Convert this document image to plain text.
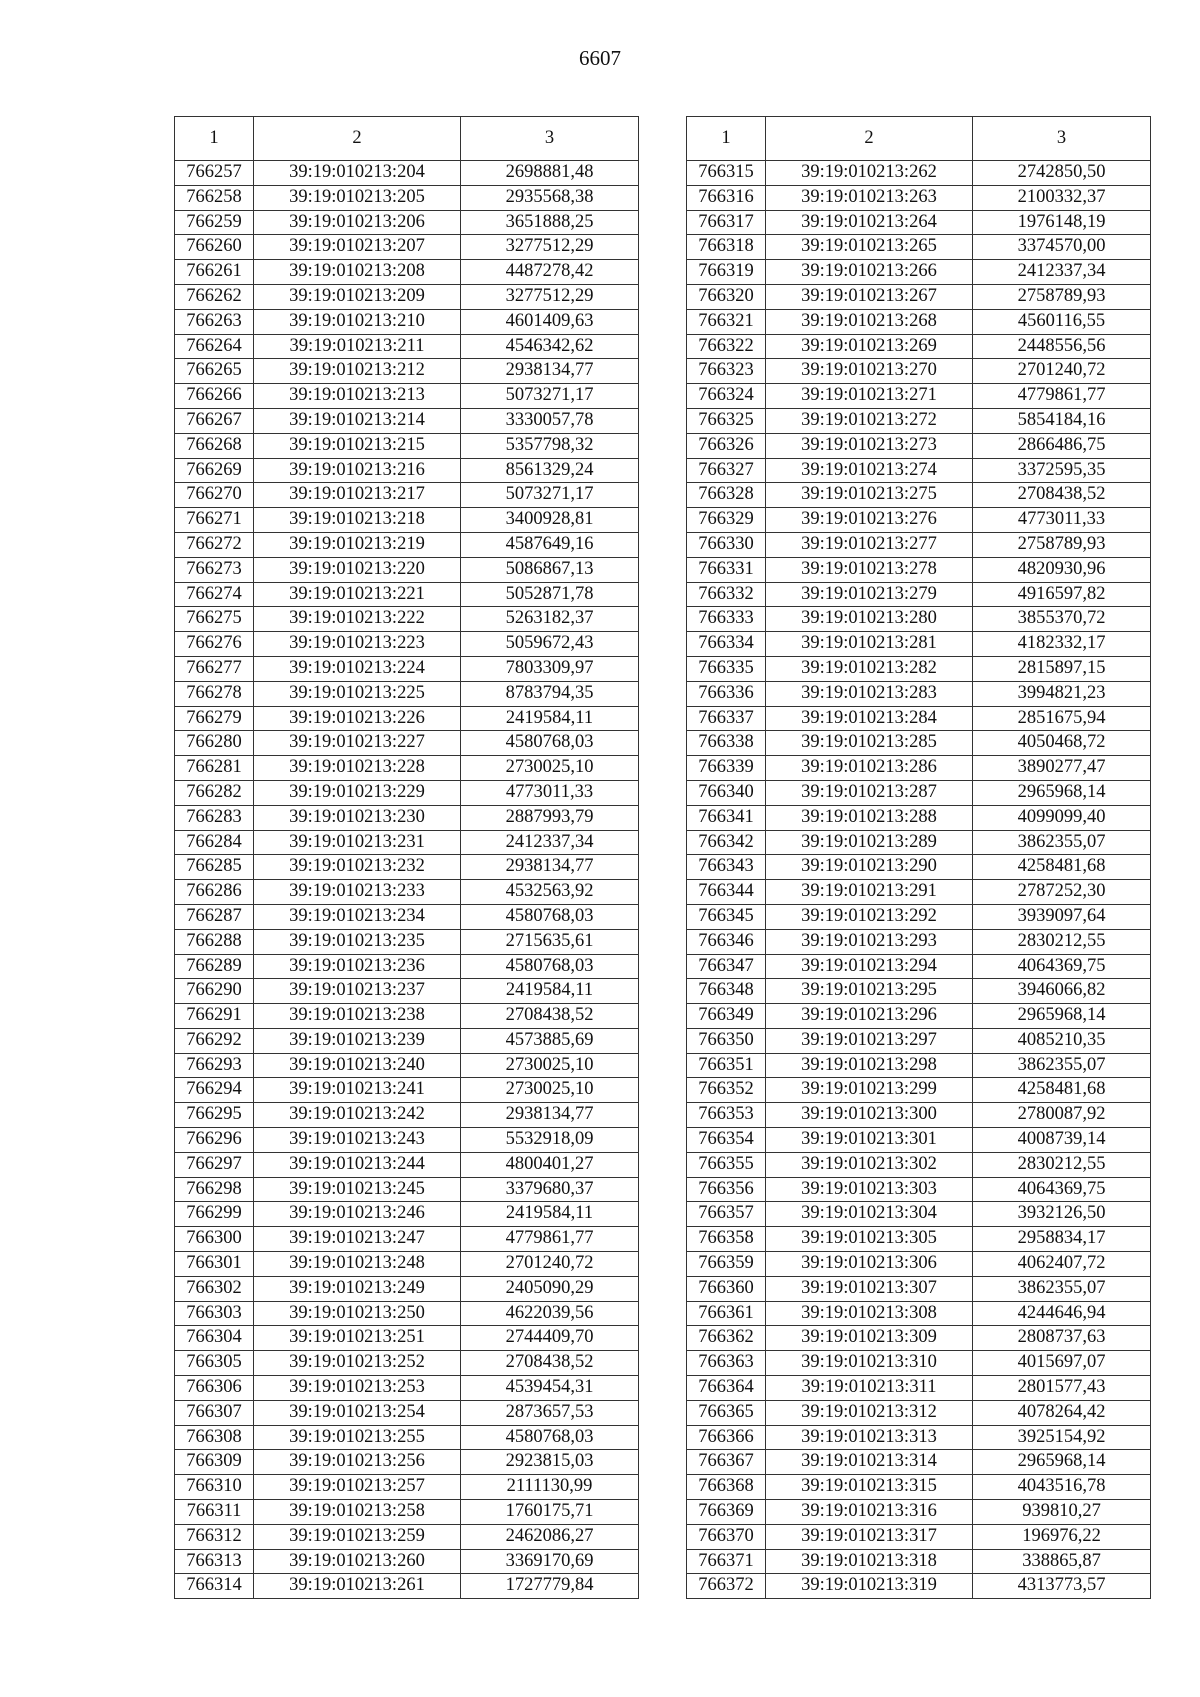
6607
1	2	3
766257	39:19:010213:204	2698881,48
766258	39:19:010213:205	2935568,38
766259	39:19:010213:206	3651888,25
766260	39:19:010213:207	3277512,29
766261	39:19:010213:208	4487278,42
766262	39:19:010213:209	3277512,29
766263	39:19:010213:210	4601409,63
766264	39:19:010213:211	4546342,62
766265	39:19:010213:212	2938134,77
766266	39:19:010213:213	5073271,17
766267	39:19:010213:214	3330057,78
766268	39:19:010213:215	5357798,32
766269	39:19:010213:216	8561329,24
766270	39:19:010213:217	5073271,17
766271	39:19:010213:218	3400928,81
766272	39:19:010213:219	4587649,16
766273	39:19:010213:220	5086867,13
766274	39:19:010213:221	5052871,78
766275	39:19:010213:222	5263182,37
766276	39:19:010213:223	5059672,43
766277	39:19:010213:224	7803309,97
766278	39:19:010213:225	8783794,35
766279	39:19:010213:226	2419584,11
766280	39:19:010213:227	4580768,03
766281	39:19:010213:228	2730025,10
766282	39:19:010213:229	4773011,33
766283	39:19:010213:230	2887993,79
766284	39:19:010213:231	2412337,34
766285	39:19:010213:232	2938134,77
766286	39:19:010213:233	4532563,92
766287	39:19:010213:234	4580768,03
766288	39:19:010213:235	2715635,61
766289	39:19:010213:236	4580768,03
766290	39:19:010213:237	2419584,11
766291	39:19:010213:238	2708438,52
766292	39:19:010213:239	4573885,69
766293	39:19:010213:240	2730025,10
766294	39:19:010213:241	2730025,10
766295	39:19:010213:242	2938134,77
766296	39:19:010213:243	5532918,09
766297	39:19:010213:244	4800401,27
766298	39:19:010213:245	3379680,37
766299	39:19:010213:246	2419584,11
766300	39:19:010213:247	4779861,77
766301	39:19:010213:248	2701240,72
766302	39:19:010213:249	2405090,29
766303	39:19:010213:250	4622039,56
766304	39:19:010213:251	2744409,70
766305	39:19:010213:252	2708438,52
766306	39:19:010213:253	4539454,31
766307	39:19:010213:254	2873657,53
766308	39:19:010213:255	4580768,03
766309	39:19:010213:256	2923815,03
766310	39:19:010213:257	2111130,99
766311	39:19:010213:258	1760175,71
766312	39:19:010213:259	2462086,27
766313	39:19:010213:260	3369170,69
766314	39:19:010213:261	1727779,84
1	2	3
766315	39:19:010213:262	2742850,50
766316	39:19:010213:263	2100332,37
766317	39:19:010213:264	1976148,19
766318	39:19:010213:265	3374570,00
766319	39:19:010213:266	2412337,34
766320	39:19:010213:267	2758789,93
766321	39:19:010213:268	4560116,55
766322	39:19:010213:269	2448556,56
766323	39:19:010213:270	2701240,72
766324	39:19:010213:271	4779861,77
766325	39:19:010213:272	5854184,16
766326	39:19:010213:273	2866486,75
766327	39:19:010213:274	3372595,35
766328	39:19:010213:275	2708438,52
766329	39:19:010213:276	4773011,33
766330	39:19:010213:277	2758789,93
766331	39:19:010213:278	4820930,96
766332	39:19:010213:279	4916597,82
766333	39:19:010213:280	3855370,72
766334	39:19:010213:281	4182332,17
766335	39:19:010213:282	2815897,15
766336	39:19:010213:283	3994821,23
766337	39:19:010213:284	2851675,94
766338	39:19:010213:285	4050468,72
766339	39:19:010213:286	3890277,47
766340	39:19:010213:287	2965968,14
766341	39:19:010213:288	4099099,40
766342	39:19:010213:289	3862355,07
766343	39:19:010213:290	4258481,68
766344	39:19:010213:291	2787252,30
766345	39:19:010213:292	3939097,64
766346	39:19:010213:293	2830212,55
766347	39:19:010213:294	4064369,75
766348	39:19:010213:295	3946066,82
766349	39:19:010213:296	2965968,14
766350	39:19:010213:297	4085210,35
766351	39:19:010213:298	3862355,07
766352	39:19:010213:299	4258481,68
766353	39:19:010213:300	2780087,92
766354	39:19:010213:301	4008739,14
766355	39:19:010213:302	2830212,55
766356	39:19:010213:303	4064369,75
766357	39:19:010213:304	3932126,50
766358	39:19:010213:305	2958834,17
766359	39:19:010213:306	4062407,72
766360	39:19:010213:307	3862355,07
766361	39:19:010213:308	4244646,94
766362	39:19:010213:309	2808737,63
766363	39:19:010213:310	4015697,07
766364	39:19:010213:311	2801577,43
766365	39:19:010213:312	4078264,42
766366	39:19:010213:313	3925154,92
766367	39:19:010213:314	2965968,14
766368	39:19:010213:315	4043516,78
766369	39:19:010213:316	939810,27
766370	39:19:010213:317	196976,22
766371	39:19:010213:318	338865,87
766372	39:19:010213:319	4313773,57
